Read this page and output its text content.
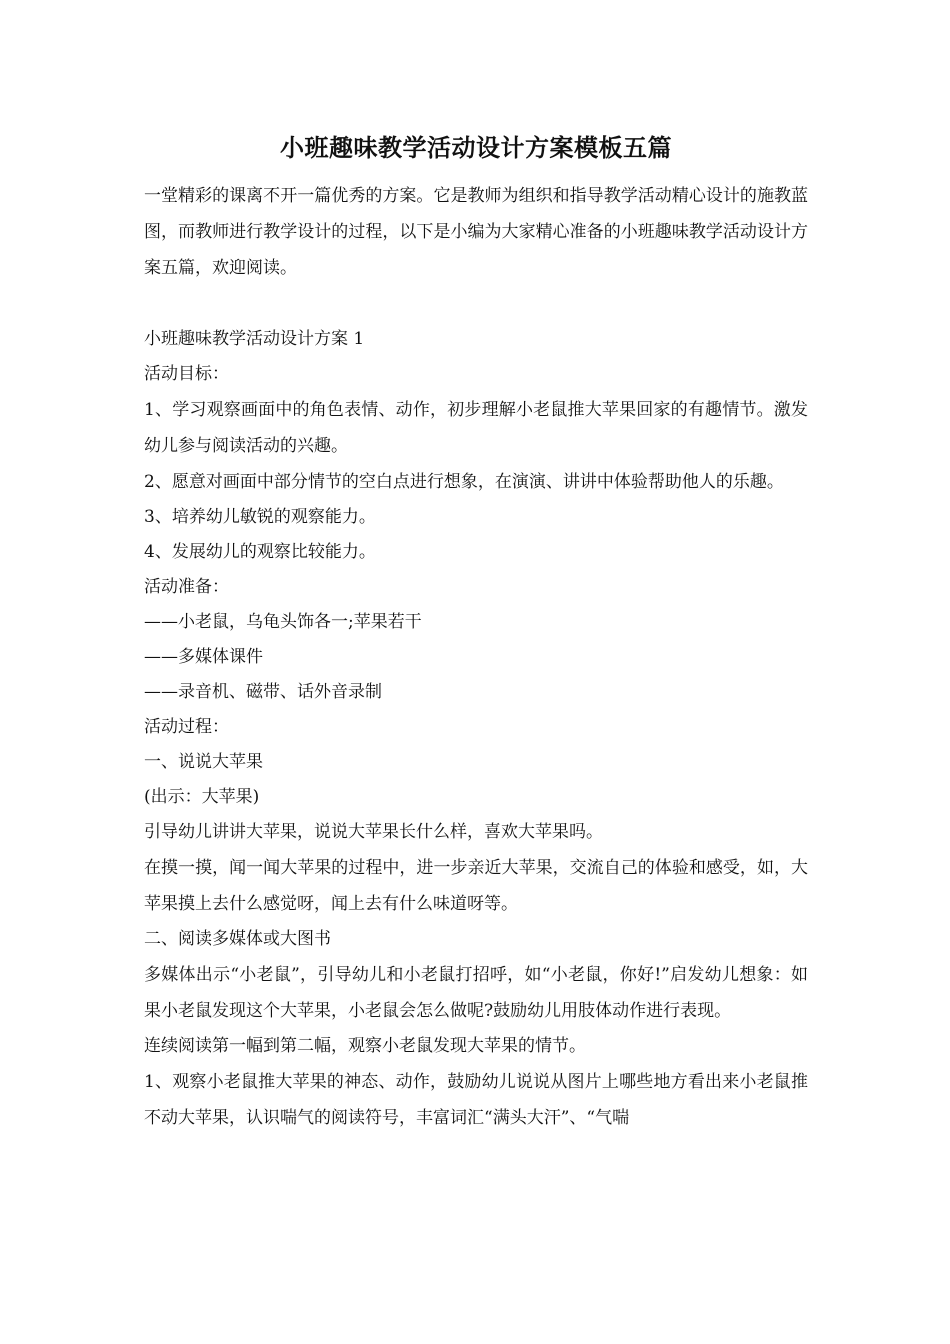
小班趣味教学活动设计方案模板五篇

一堂精彩的课离不开一篇优秀的方案。它是教师为组织和指导教学活动精心设计的施教蓝图，而教师进行教学设计的过程，以下是小编为大家精心准备的小班趣味教学活动设计方案五篇，欢迎阅读。

小班趣味教学活动设计方案 1

活动目标：

1、学习观察画面中的角色表情、动作，初步理解小老鼠推大苹果回家的有趣情节。激发幼儿参与阅读活动的兴趣。

2、愿意对画面中部分情节的空白点进行想象，在演演、讲讲中体验帮助他人的乐趣。

3、培养幼儿敏锐的观察能力。

4、发展幼儿的观察比较能力。

活动准备：

——小老鼠，乌龟头饰各一;苹果若干

——多媒体课件

——录音机、磁带、话外音录制

活动过程：

一、说说大苹果

(出示：大苹果)

引导幼儿讲讲大苹果，说说大苹果长什么样，喜欢大苹果吗。

在摸一摸，闻一闻大苹果的过程中，进一步亲近大苹果，交流自己的体验和感受，如，大苹果摸上去什么感觉呀，闻上去有什么味道呀等。

二、阅读多媒体或大图书

多媒体出示“小老鼠”，引导幼儿和小老鼠打招呼，如“小老鼠，你好!”启发幼儿想象：如果小老鼠发现这个大苹果，小老鼠会怎么做呢?鼓励幼儿用肢体动作进行表现。

连续阅读第一幅到第二幅，观察小老鼠发现大苹果的情节。

1、观察小老鼠推大苹果的神态、动作，鼓励幼儿说说从图片上哪些地方看出来小老鼠推不动大苹果，认识喘气的阅读符号，丰富词汇“满头大汗”、“气喘
